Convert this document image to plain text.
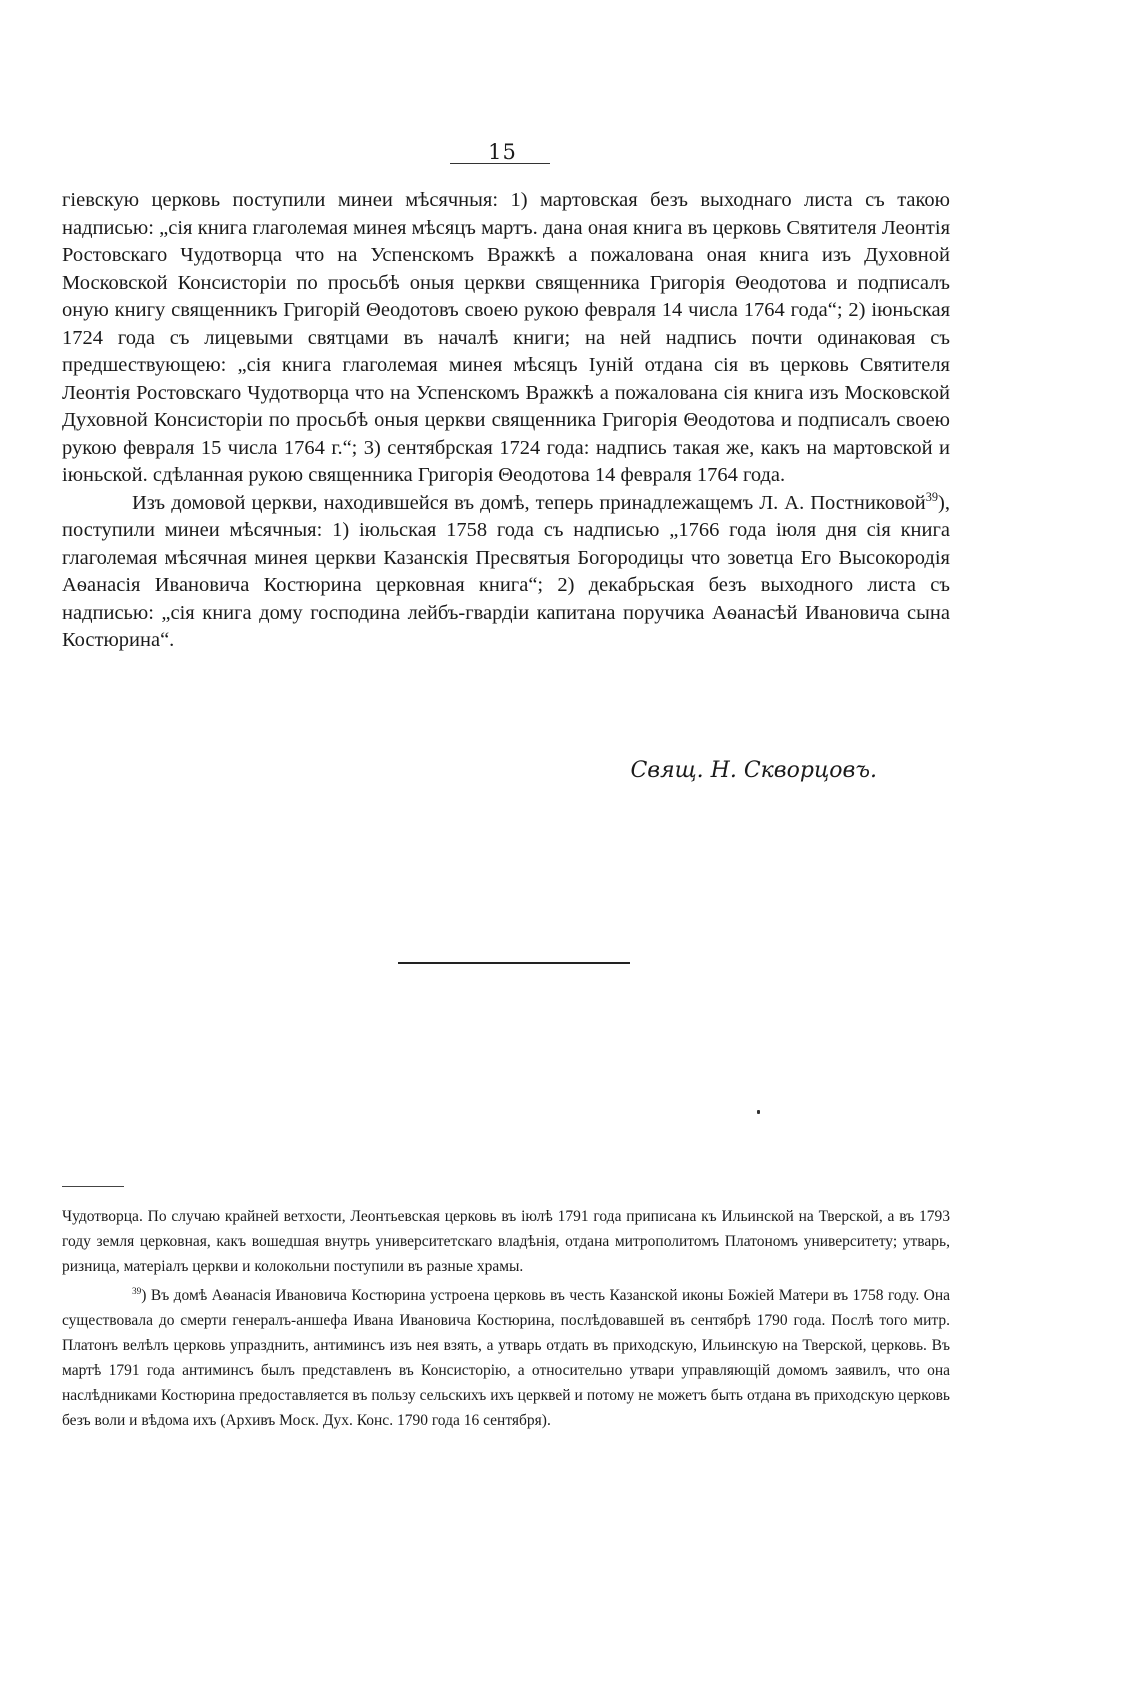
15

гіевскую церковь поступили минеи мѣсячныя: 1) мартовская безъ выходнаго листа съ такою надписью: „сія книга глаголемая минея мѣсяцъ мартъ. дана оная книга въ церковь Святителя Леонтія Ростовскаго Чудотворца что на Успенскомъ Вражкѣ а пожалована оная книга изъ Духовной Московской Консисторіи по просьбѣ оныя церкви священника Григорія Θеодотова и подписалъ оную книгу священникъ Григорій Θеодотовъ своею рукою февраля 14 числа 1764 года“; 2) іюньская 1724 года съ лицевыми святцами въ началѣ книги; на ней надпись почти одинаковая съ предшествующею: „сія книга глаголемая минея мѣсяцъ Іуній отдана сія въ церковь Святителя Леонтія Ростовскаго Чудотворца что на Успенскомъ Вражкѣ а пожалована сія книга изъ Московской Духовной Консисторіи по просьбѣ оныя церкви священника Григорія Θеодотова и подписалъ своею рукою февраля 15 числа 1764 г.“; 3) сентябрская 1724 года: надпись такая же, какъ на мартовской и іюньской. сдѣланная рукою священника Григорія Θеодотова 14 февраля 1764 года.

Изъ домовой церкви, находившейся въ домѣ, теперь принадлежащемъ Л. А. Постниковой$^{39}$), поступили минеи мѣсячныя: 1) іюльская 1758 года съ надписью „1766 года іюля дня сія книга глаголемая мѣсячная минея церкви Казанскія Пресвятыя Богородицы что зоветца Его Высокородія Аѳанасія Ивановича Костюрина церковная книга“; 2) декабрьская безъ выходного листа съ надписью: „сія книга дому господина лейбъ-гвардіи капитана поручика Аѳанасѣй Ивановича сына Костюрина“.

Свящ. Н. Скворцовъ.

Чудотворца. По случаю крайней ветхости, Леонтьевская церковь въ іюлѣ 1791 года приписана къ Ильинской на Тверской, а въ 1793 году земля церковная, какъ вошедшая внутрь университетскаго владѣнія, отдана митрополитомъ Платономъ университету; утварь, ризница, матеріалъ церкви и колокольни поступили въ разные храмы.

$^{39}$) Въ домѣ Аѳанасія Ивановича Костюрина устроена церковь въ честь Казанской иконы Божіей Матери въ 1758 году. Она существовала до смерти генералъ-аншефа Ивана Ивановича Костюрина, послѣдовавшей въ сентябрѣ 1790 года. Послѣ того митр. Платонъ велѣлъ церковь упразднить, антиминсъ изъ нея взять, а утварь отдать въ приходскую, Ильинскую на Тверской, церковь. Въ мартѣ 1791 года антиминсъ былъ представленъ въ Консисторію, а относительно утвари управляющій домомъ заявилъ, что она наслѣдниками Костюрина предоставляется въ пользу сельскихъ ихъ церквей и потому не можетъ быть отдана въ приходскую церковь безъ воли и вѣдома ихъ (Архивъ Моск. Дух. Конс. 1790 года 16 сентября).
